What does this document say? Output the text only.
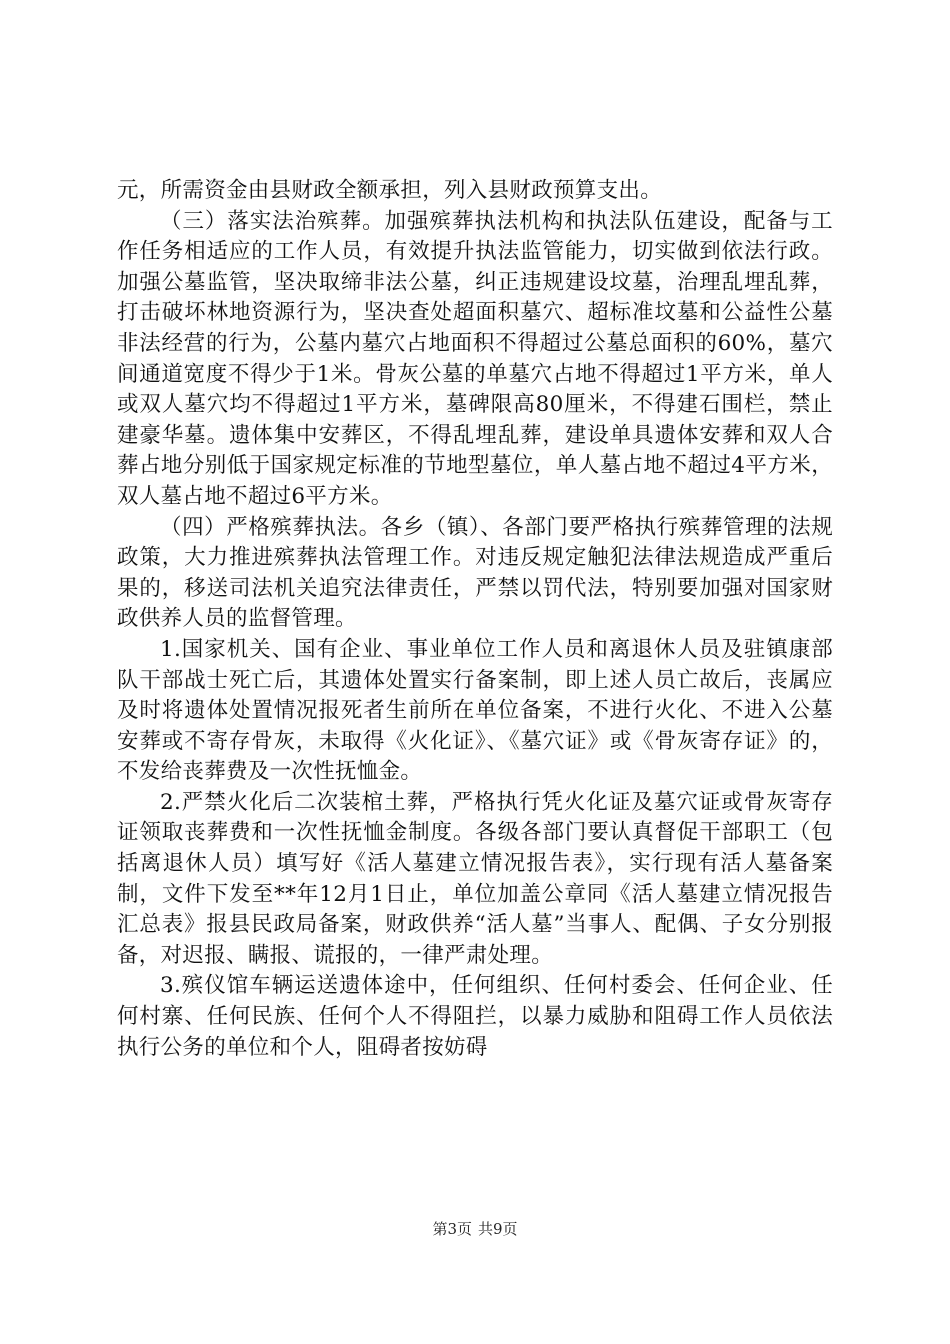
元，所需资金由县财政全额承担，列入县财政预算支出。

（三）落实法治殡葬。加强殡葬执法机构和执法队伍建设，配备与工作任务相适应的工作人员，有效提升执法监管能力，切实做到依法行政。加强公墓监管，坚决取缔非法公墓，纠正违规建设坟墓，治理乱埋乱葬，打击破坏林地资源行为，坚决查处超面积墓穴、超标准坟墓和公益性公墓非法经营的行为，公墓内墓穴占地面积不得超过公墓总面积的60%，墓穴间通道宽度不得少于1米。骨灰公墓的单墓穴占地不得超过1平方米，单人或双人墓穴均不得超过1平方米，墓碑限高80厘米，不得建石围栏，禁止建豪华墓。遗体集中安葬区，不得乱埋乱葬，建设单具遗体安葬和双人合葬占地分别低于国家规定标准的节地型墓位，单人墓占地不超过4平方米，双人墓占地不超过6平方米。

（四）严格殡葬执法。各乡（镇）、各部门要严格执行殡葬管理的法规政策，大力推进殡葬执法管理工作。对违反规定触犯法律法规造成严重后果的，移送司法机关追究法律责任，严禁以罚代法，特别要加强对国家财政供养人员的监督管理。

1.国家机关、国有企业、事业单位工作人员和离退休人员及驻镇康部队干部战士死亡后，其遗体处置实行备案制，即上述人员亡故后，丧属应及时将遗体处置情况报死者生前所在单位备案，不进行火化、不进入公墓安葬或不寄存骨灰，未取得《火化证》、《墓穴证》或《骨灰寄存证》的，不发给丧葬费及一次性抚恤金。

2.严禁火化后二次装棺土葬，严格执行凭火化证及墓穴证或骨灰寄存证领取丧葬费和一次性抚恤金制度。各级各部门要认真督促干部职工（包括离退休人员）填写好《活人墓建立情况报告表》，实行现有活人墓备案制，文件下发至**年12月1日止，单位加盖公章同《活人墓建立情况报告汇总表》报县民政局备案，财政供养“活人墓”当事人、配偶、子女分别报备，对迟报、瞒报、谎报的，一律严肃处理。

3.殡仪馆车辆运送遗体途中，任何组织、任何村委会、任何企业、任何村寨、任何民族、任何个人不得阻拦，以暴力威胁和阻碍工作人员依法执行公务的单位和个人，阻碍者按妨碍

第3页 共9页
